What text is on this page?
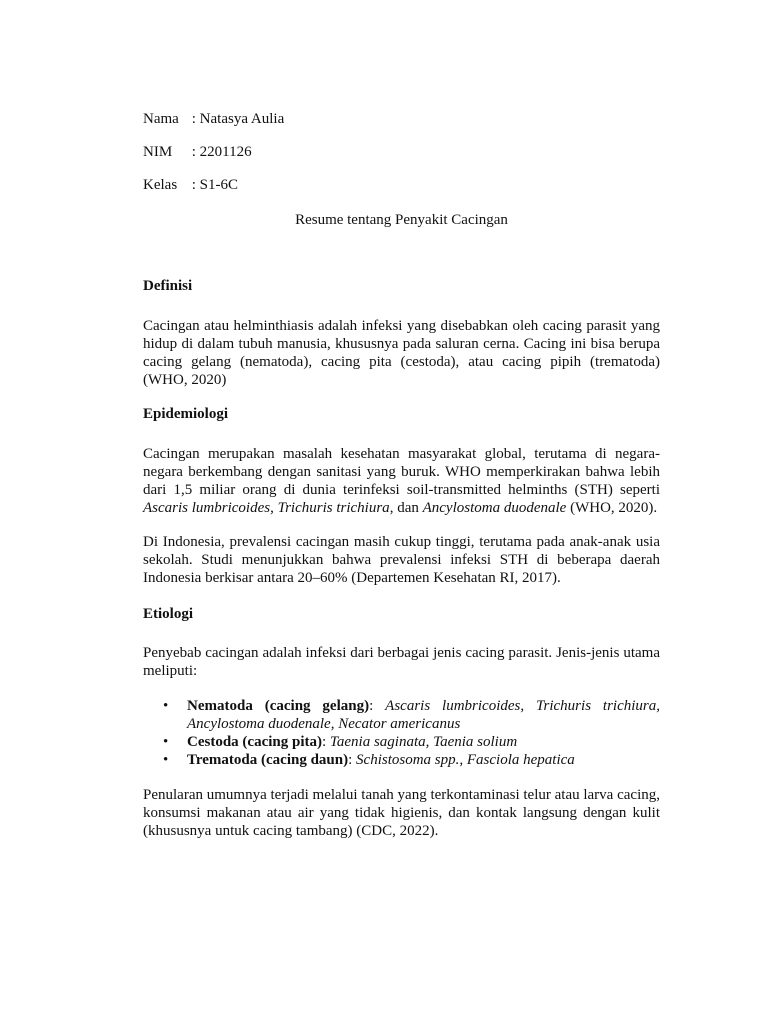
Nama : Natasya Aulia
NIM : 2201126
Kelas : S1-6C
Resume tentang Penyakit Cacingan
Definisi
Cacingan atau helminthiasis adalah infeksi yang disebabkan oleh cacing parasit yang
hidup di dalam tubuh manusia, khususnya pada saluran cerna. Cacing ini bisa berupa
cacing gelang (nematoda), cacing pita (cestoda), atau cacing pipih (trematoda)
(WHO, 2020)
Epidemiologi
Cacingan merupakan masalah kesehatan masyarakat global, terutama di negara-
negara berkembang dengan sanitasi yang buruk. WHO memperkirakan bahwa lebih
dari 1,5 miliar orang di dunia terinfeksi soil-transmitted helminths (STH) seperti
Ascaris lumbricoides, Trichuris trichiura, dan Ancylostoma duodenale (WHO, 2020).
Di Indonesia, prevalensi cacingan masih cukup tinggi, terutama pada anak-anak usia
sekolah. Studi menunjukkan bahwa prevalensi infeksi STH di beberapa daerah
Indonesia berkisar antara 20–60% (Departemen Kesehatan RI, 2017).
Etiologi
Penyebab cacingan adalah infeksi dari berbagai jenis cacing parasit. Jenis-jenis utama
meliputi:
• Nematoda (cacing gelang): Ascaris lumbricoides, Trichuris trichiura,
Ancylostoma duodenale, Necator americanus
• Cestoda (cacing pita): Taenia saginata, Taenia solium
• Trematoda (cacing daun): Schistosoma spp., Fasciola hepatica
Penularan umumnya terjadi melalui tanah yang terkontaminasi telur atau larva cacing,
konsumsi makanan atau air yang tidak higienis, dan kontak langsung dengan kulit
(khususnya untuk cacing tambang) (CDC, 2022).
